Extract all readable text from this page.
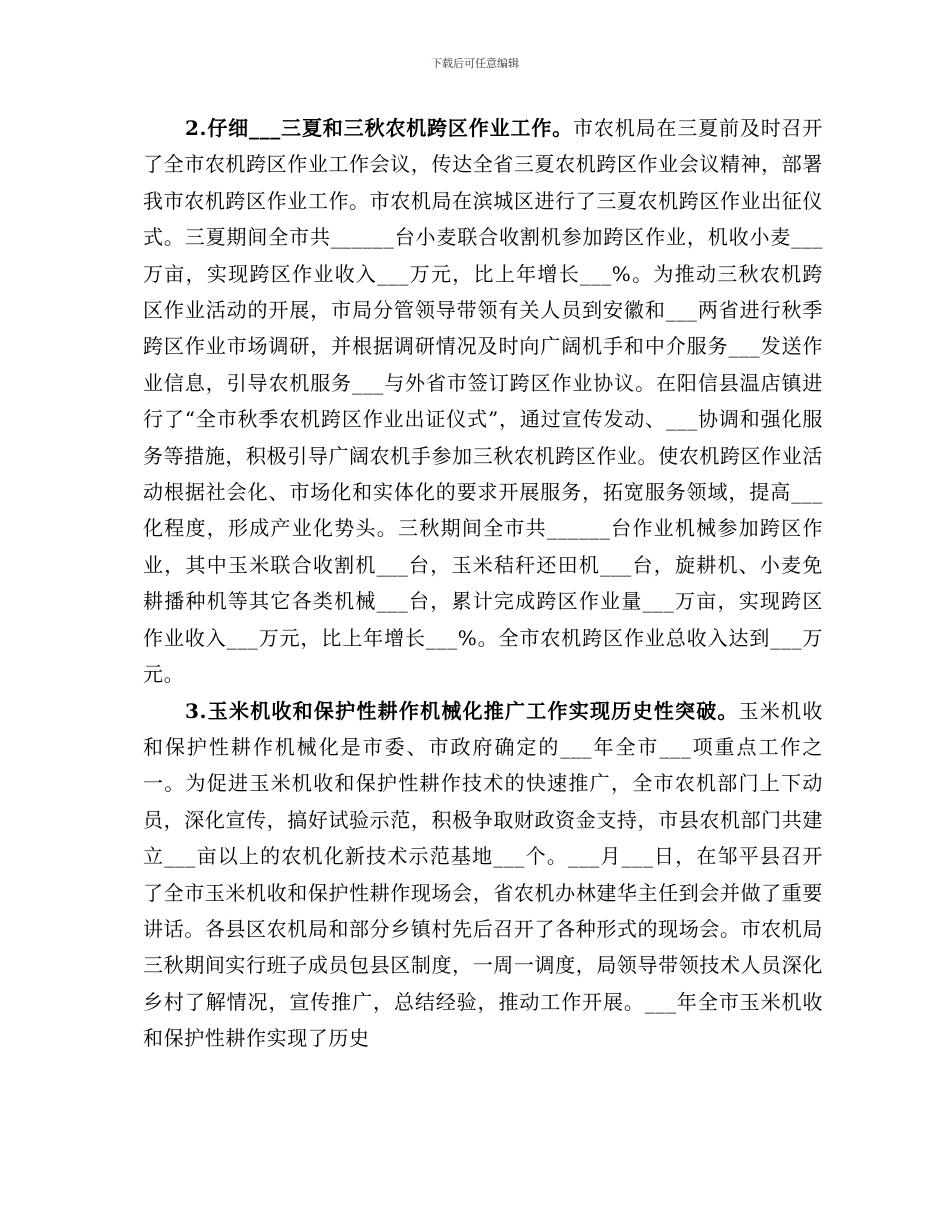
下载后可任意编辑

2.仔细___三夏和三秋农机跨区作业工作。市农机局在三夏前及时召开了全市农机跨区作业工作会议，传达全省三夏农机跨区作业会议精神，部署我市农机跨区作业工作。市农机局在滨城区进行了三夏农机跨区作业出征仪式。三夏期间全市共______台小麦联合收割机参加跨区作业，机收小麦___万亩，实现跨区作业收入___万元，比上年增长___%。为推动三秋农机跨区作业活动的开展，市局分管领导带领有关人员到安徽和___两省进行秋季跨区作业市场调研，并根据调研情况及时向广阔机手和中介服务___发送作业信息，引导农机服务___与外省市签订跨区作业协议。在阳信县温店镇进行了“全市秋季农机跨区作业出证仪式”，通过宣传发动、___协调和强化服务等措施，积极引导广阔农机手参加三秋农机跨区作业。使农机跨区作业活动根据社会化、市场化和实体化的要求开展服务，拓宽服务领域，提高___化程度，形成产业化势头。三秋期间全市共______台作业机械参加跨区作业，其中玉米联合收割机___台，玉米秸秆还田机___台，旋耕机、小麦免耕播种机等其它各类机械___台，累计完成跨区作业量___万亩，实现跨区作业收入___万元，比上年增长___%。全市农机跨区作业总收入达到___万元。

3.玉米机收和保护性耕作机械化推广工作实现历史性突破。玉米机收和保护性耕作机械化是市委、市政府确定的___年全市___项重点工作之一。为促进玉米机收和保护性耕作技术的快速推广，全市农机部门上下动员，深化宣传，搞好试验示范，积极争取财政资金支持，市县农机部门共建立___亩以上的农机化新技术示范基地___个。___月___日，在邹平县召开了全市玉米机收和保护性耕作现场会，省农机办林建华主任到会并做了重要讲话。各县区农机局和部分乡镇村先后召开了各种形式的现场会。市农机局三秋期间实行班子成员包县区制度，一周一调度，局领导带领技术人员深化乡村了解情况，宣传推广，总结经验，推动工作开展。___年全市玉米机收和保护性耕作实现了历史
